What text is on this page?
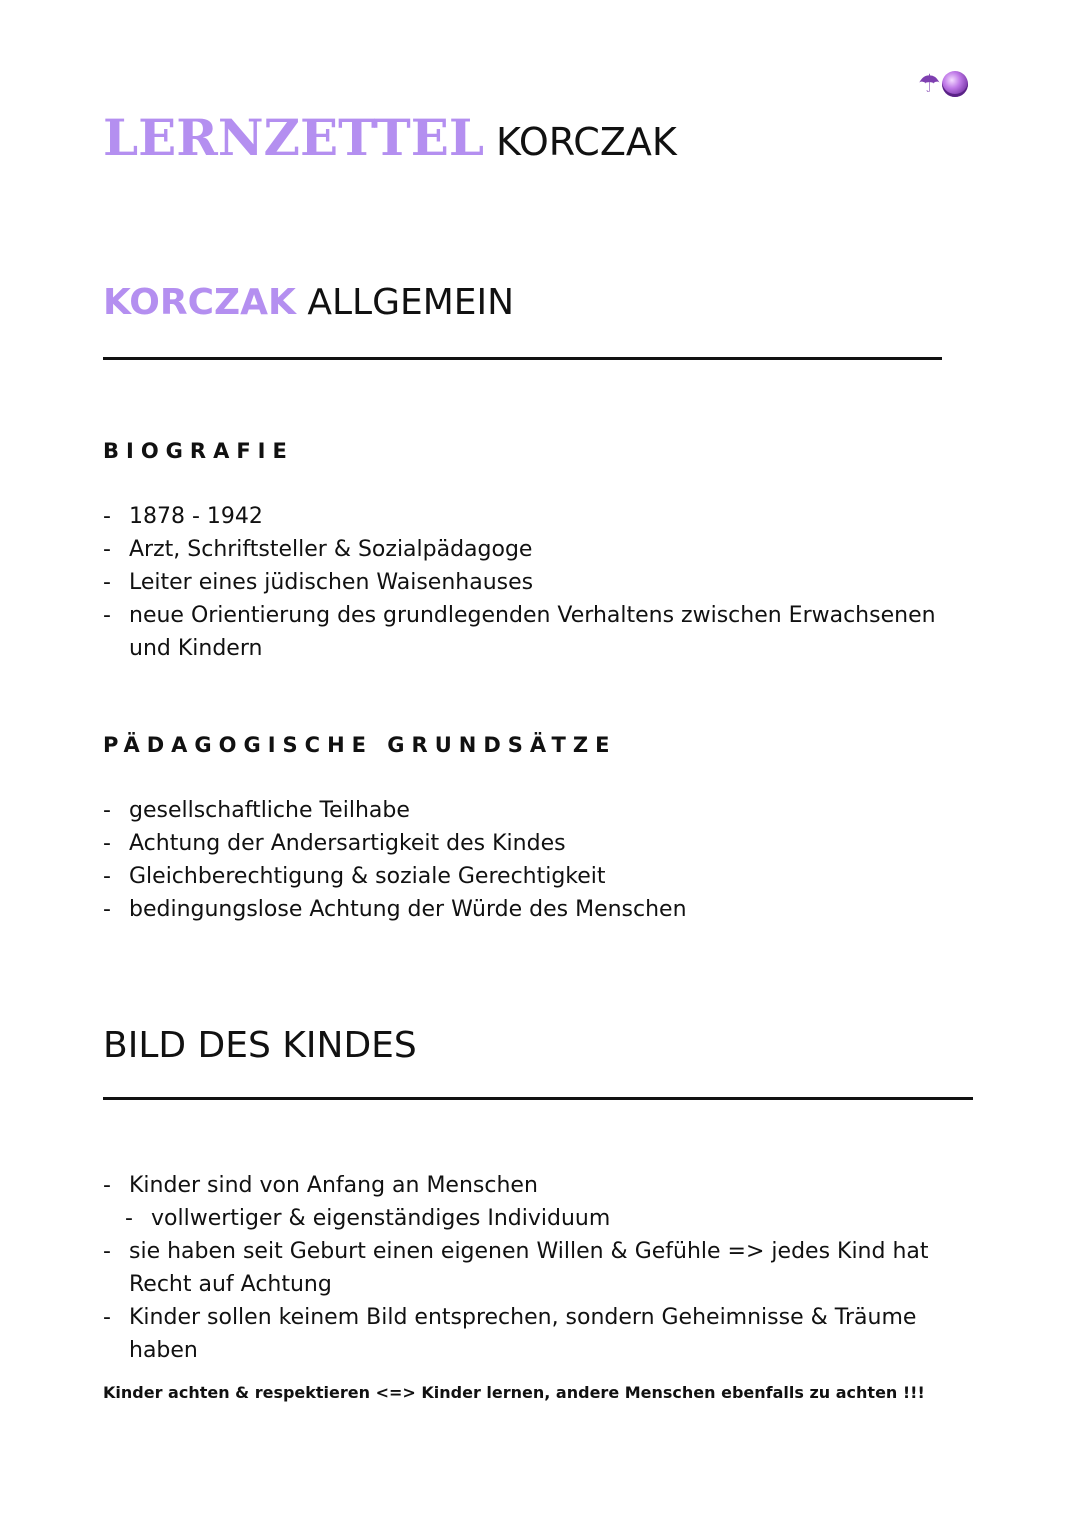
☂
LERNZETTEL KORCZAK
KORCZAK ALLGEMEIN
BIOGRAFIE
- 1878 - 1942
- Arzt, Schriftsteller & Sozialpädagoge
- Leiter eines jüdischen Waisenhauses
- neue Orientierung des grundlegenden Verhaltens zwischen Erwachsenen und Kindern
PÄDAGOGISCHE GRUNDSÄTZE
- gesellschaftliche Teilhabe
- Achtung der Andersartigkeit des Kindes
- Gleichberechtigung & soziale Gerechtigkeit
- bedingungslose Achtung der Würde des Menschen
BILD DES KINDES
- Kinder sind von Anfang an Menschen
- vollwertiger & eigenständiges Individuum
- sie haben seit Geburt einen eigenen Willen & Gefühle => jedes Kind hat Recht auf Achtung
- Kinder sollen keinem Bild entsprechen, sondern Geheimnisse & Träume haben
Kinder achten & respektieren <=> Kinder lernen, andere Menschen ebenfalls zu achten !!!
